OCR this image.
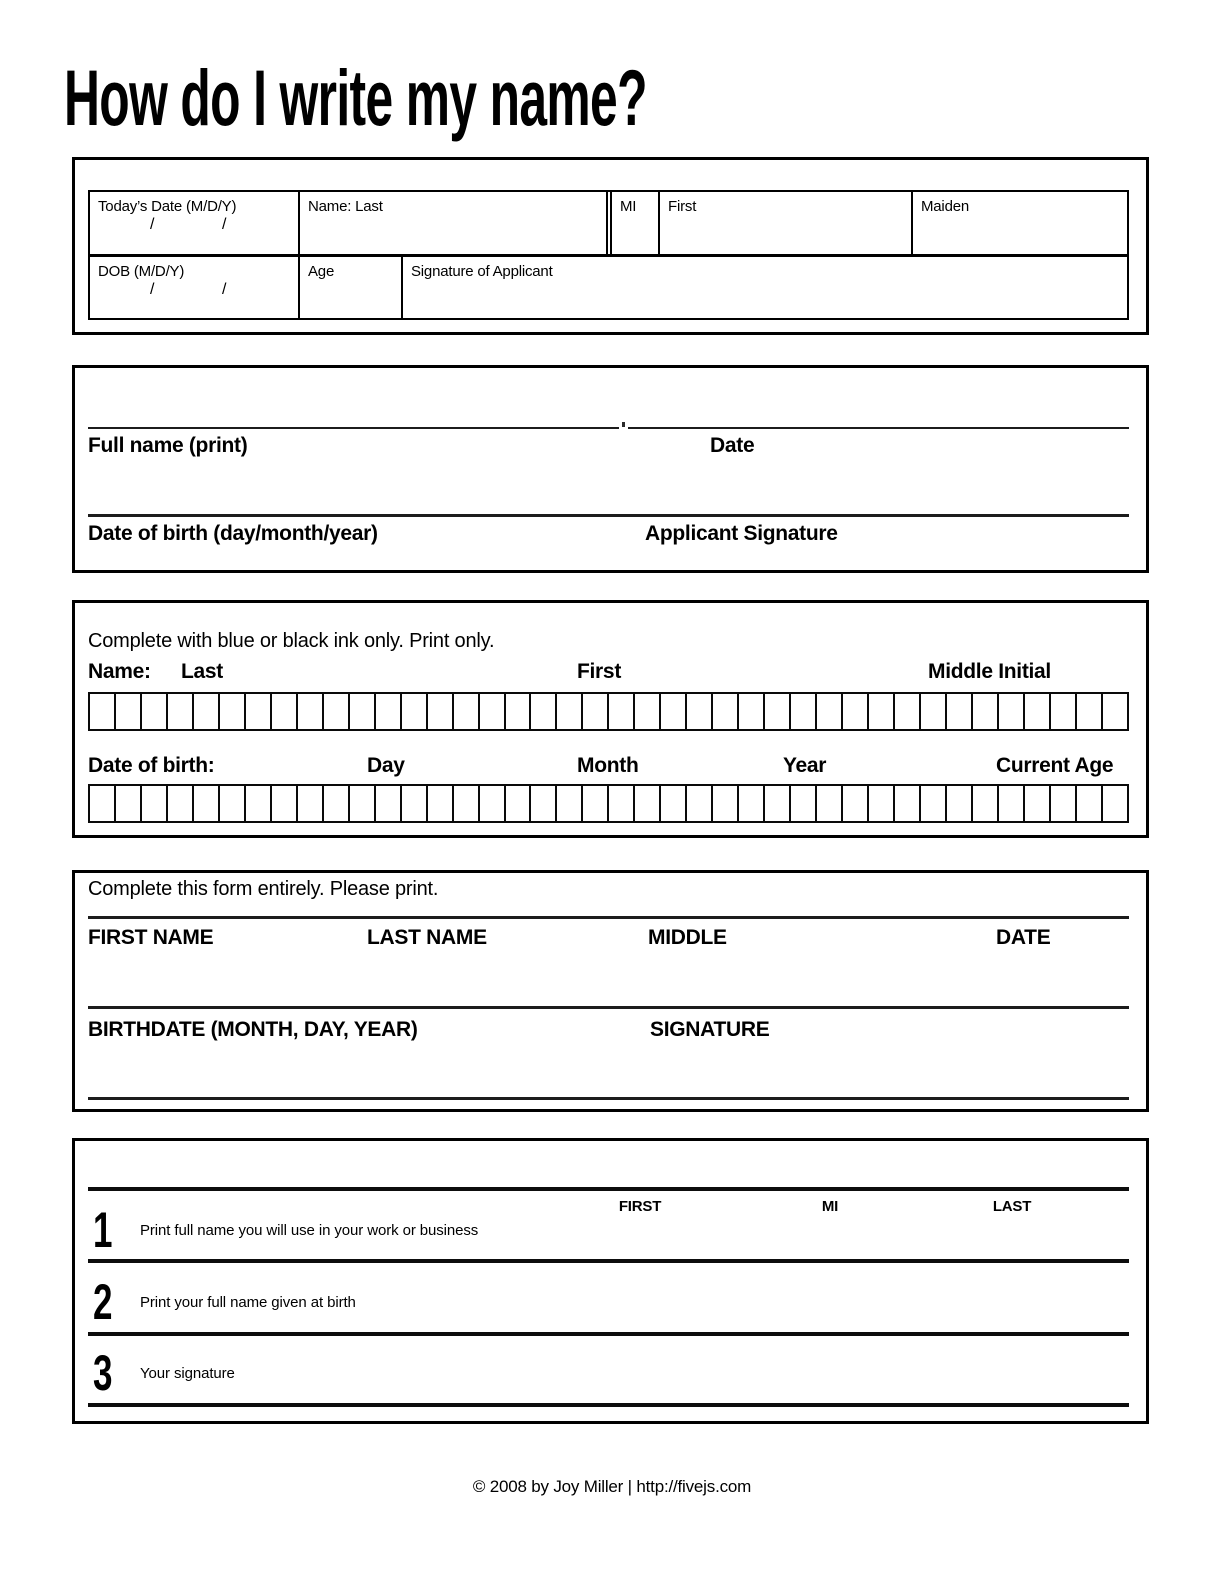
How do I write my name?
Today’s Date (M/D/Y)
/	/
Name: Last	MI	First	Maiden
DOB (M/D/Y)
/	/
Age	Signature of Applicant
Full name (print)	Date
Date of birth (day/month/year)	Applicant Signature
Complete with blue or black ink only. Print only.
Name: Last	First	Middle Initial
Date of birth:	Day	Month	Year	Current Age
Complete this form entirely. Please print.
FIRST NAME	LAST NAME	MIDDLE	DATE
BIRTHDATE (MONTH, DAY, YEAR)	SIGNATURE
FIRST	MI	LAST
1 Print full name you will use in your work or business
2 Print your full name given at birth
3 Your signature
© 2008 by Joy Miller | http://fivejs.com
